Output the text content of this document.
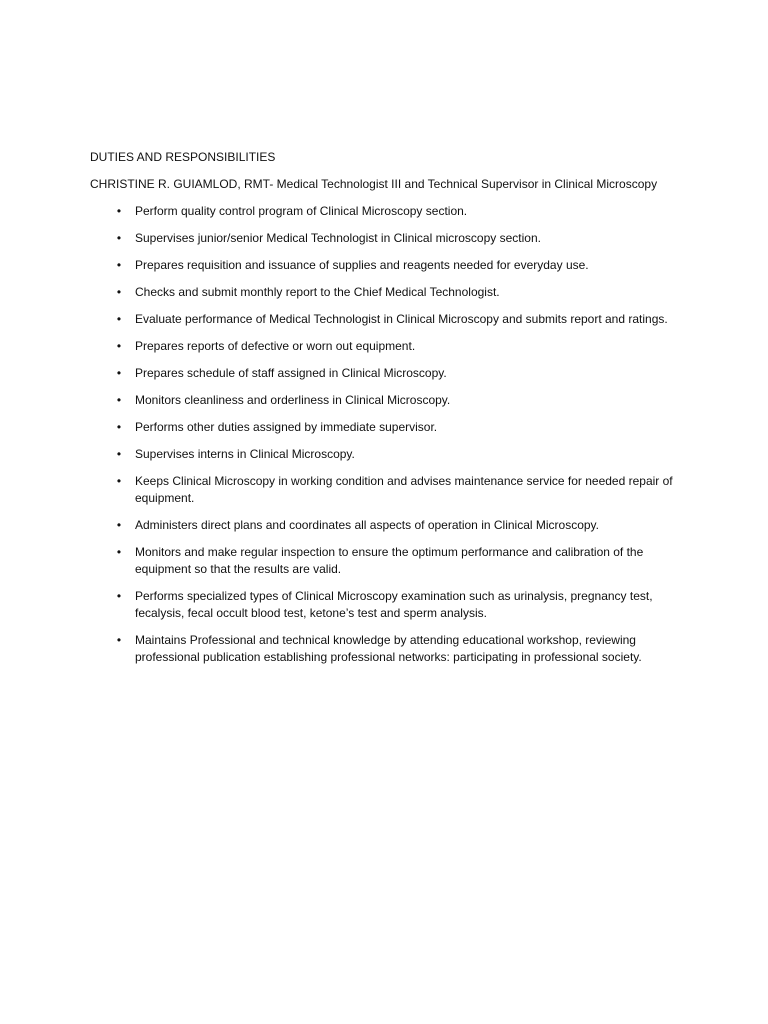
DUTIES AND RESPONSIBILITIES

CHRISTINE R. GUIAMLOD, RMT- Medical Technologist III and Technical Supervisor in Clinical Microscopy

• Perform quality control program of Clinical Microscopy section.
• Supervises junior/senior Medical Technologist in Clinical microscopy section.
• Prepares requisition and issuance of supplies and reagents needed for everyday use.
• Checks and submit monthly report to the Chief Medical Technologist.
• Evaluate performance of Medical Technologist in Clinical Microscopy and submits report and ratings.
• Prepares reports of defective or worn out equipment.
• Prepares schedule of staff assigned in Clinical Microscopy.
• Monitors cleanliness and orderliness in Clinical Microscopy.
• Performs other duties assigned by immediate supervisor.
• Supervises interns in Clinical Microscopy.
• Keeps Clinical Microscopy in working condition and advises maintenance service for needed repair of equipment.
• Administers direct plans and coordinates all aspects of operation in Clinical Microscopy.
• Monitors and make regular inspection to ensure the optimum performance and calibration of the equipment so that the results are valid.
• Performs specialized types of Clinical Microscopy examination such as urinalysis, pregnancy test, fecalysis, fecal occult blood test, ketone’s test and sperm analysis.
• Maintains Professional and technical knowledge by attending educational workshop, reviewing professional publication establishing professional networks: participating in professional society.
